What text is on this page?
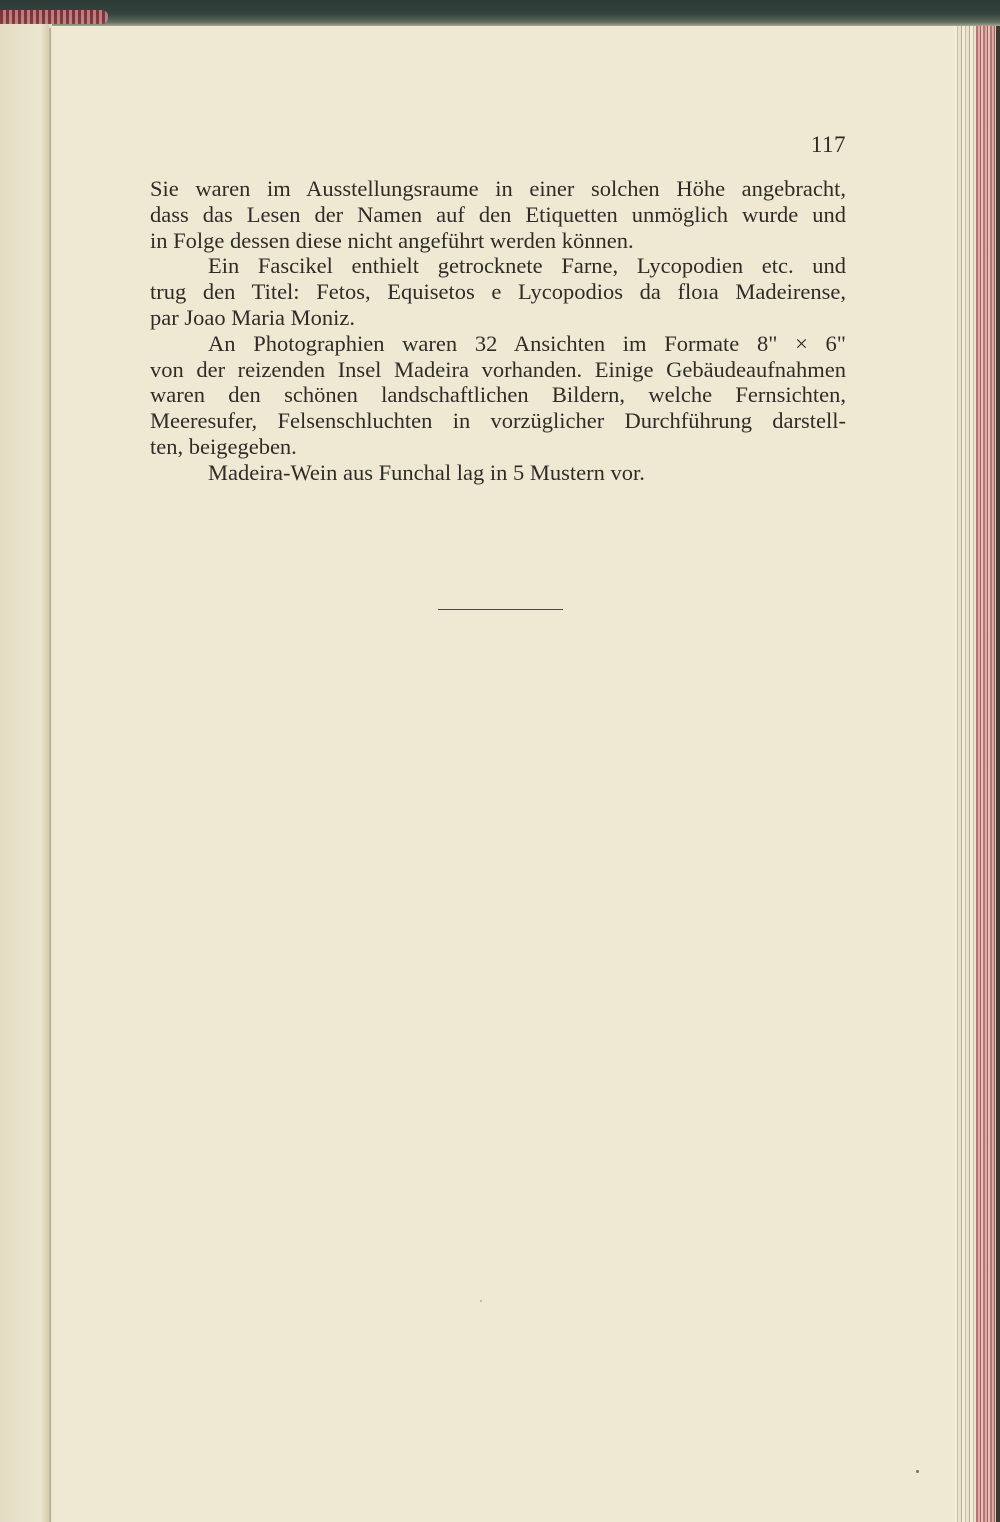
117
Sie waren im Ausstellungsraume in einer solchen Höhe angebracht,
dass das Lesen der Namen auf den Etiquetten unmöglich wurde und
in Folge dessen diese nicht angeführt werden können.
Ein Fascikel enthielt getrocknete Farne, Lycopodien etc. und
trug den Titel: Fetos, Equisetos e Lycopodios da floıa Madeirense,
par Joao Maria Moniz.
An Photographien waren 32 Ansichten im Formate 8" × 6"
von der reizenden Insel Madeira vorhanden. Einige Gebäudeaufnahmen
waren den schönen landschaftlichen Bildern, welche Fernsichten,
Meeresufer, Felsenschluchten in vorzüglicher Durchführung darstell-
ten, beigegeben.
Madeira-Wein aus Funchal lag in 5 Mustern vor.
